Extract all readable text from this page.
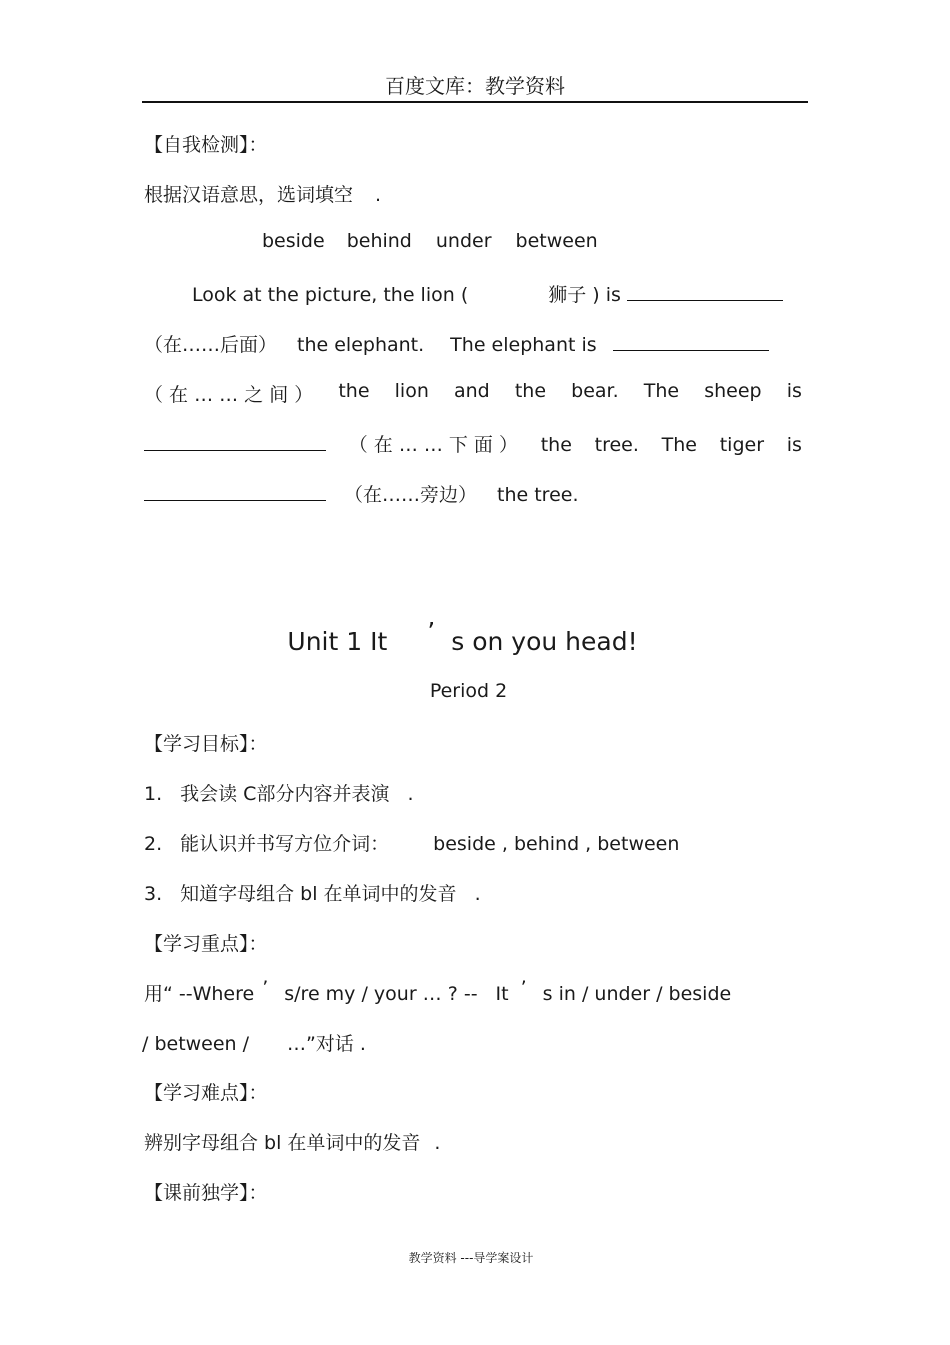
百度文库：教学资料
【自我检测】：
根据汉语意思，选词填空 .
beside behind under between
Look at the picture, the lion (	狮子 ) is
（在……后面） the elephant. The elephant is
（ 在 … … 之 间 ） the lion and the bear. The sheep is
（ 在 … … 下 面 ） the tree. The tiger is
（在……旁边） the tree.
Unit 1 It ’ s on you head!
Period 2
【学习目标】：
1. 我会读 C部分内容并表演 .
2. 能认识并书写方位介词： beside , behind , between
3. 知道字母组合 bl 在单词中的发音 .
【学习重点】：
用“ --Where ’ s/re my / your … ? -- It ’ s in / under / beside
/ between / …”对话 .
【学习难点】：
辨别字母组合 bl 在单词中的发音 .
【课前独学】：
教学资料 ---导学案设计
